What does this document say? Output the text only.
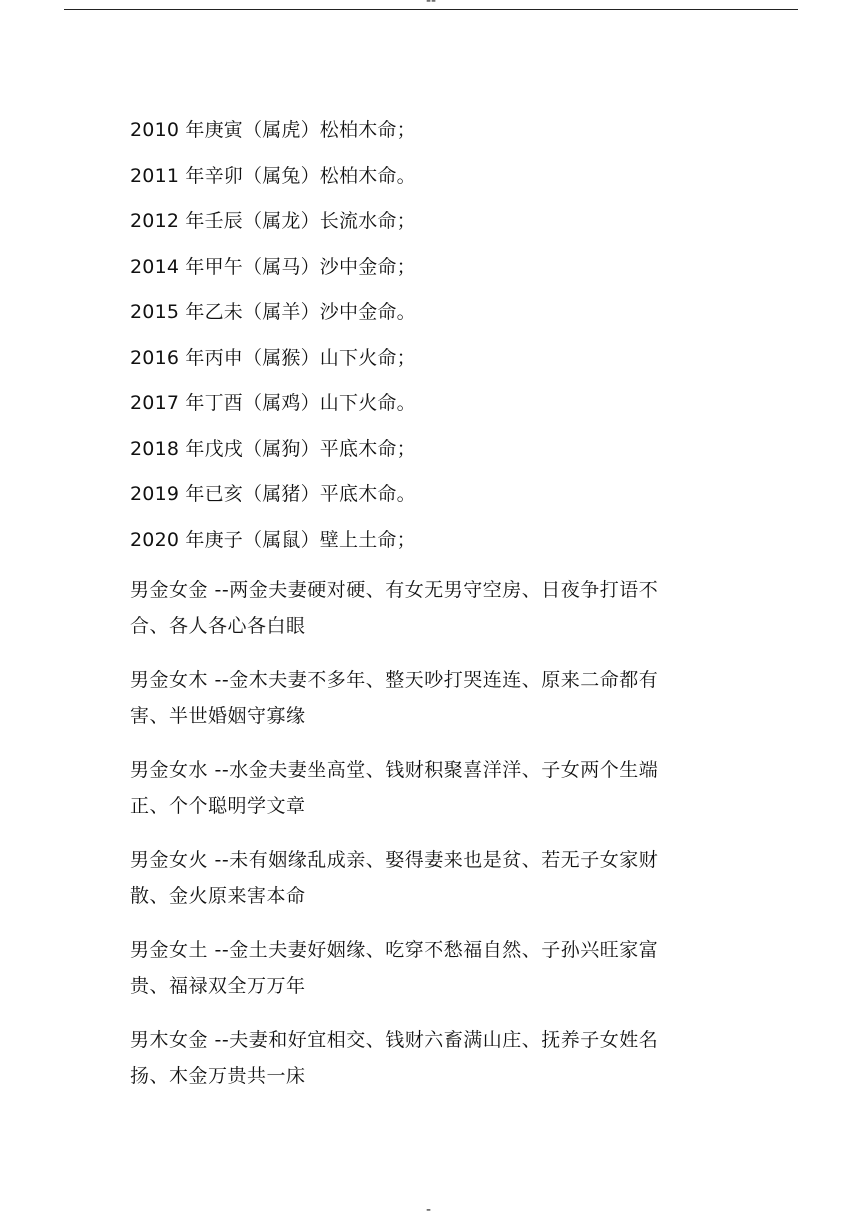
--
2010 年庚寅（属虎）松柏木命；
2011 年辛卯（属兔）松柏木命。
2012 年壬辰（属龙）长流水命；
2014 年甲午（属马）沙中金命；
2015 年乙未（属羊）沙中金命。
2016 年丙申（属猴）山下火命；
2017 年丁酉（属鸡）山下火命。
2018 年戊戌（属狗）平底木命；
2019 年已亥（属猪）平底木命。
2020 年庚子（属鼠）壁上土命；

男金女金 --两金夫妻硬对硬、有女无男守空房、日夜争打语不合、各人各心各白眼

男金女木 --金木夫妻不多年、整天吵打哭连连、原来二命都有害、半世婚姻守寡缘

男金女水 --水金夫妻坐高堂、钱财积聚喜洋洋、子女两个生端正、个个聪明学文章

男金女火 --未有姻缘乱成亲、娶得妻来也是贫、若无子女家财散、金火原来害本命

男金女土 --金土夫妻好姻缘、吃穿不愁福自然、子孙兴旺家富贵、福禄双全万万年

男木女金 --夫妻和好宜相交、钱财六畜满山庄、抚养子女姓名扬、木金万贵共一床

-
